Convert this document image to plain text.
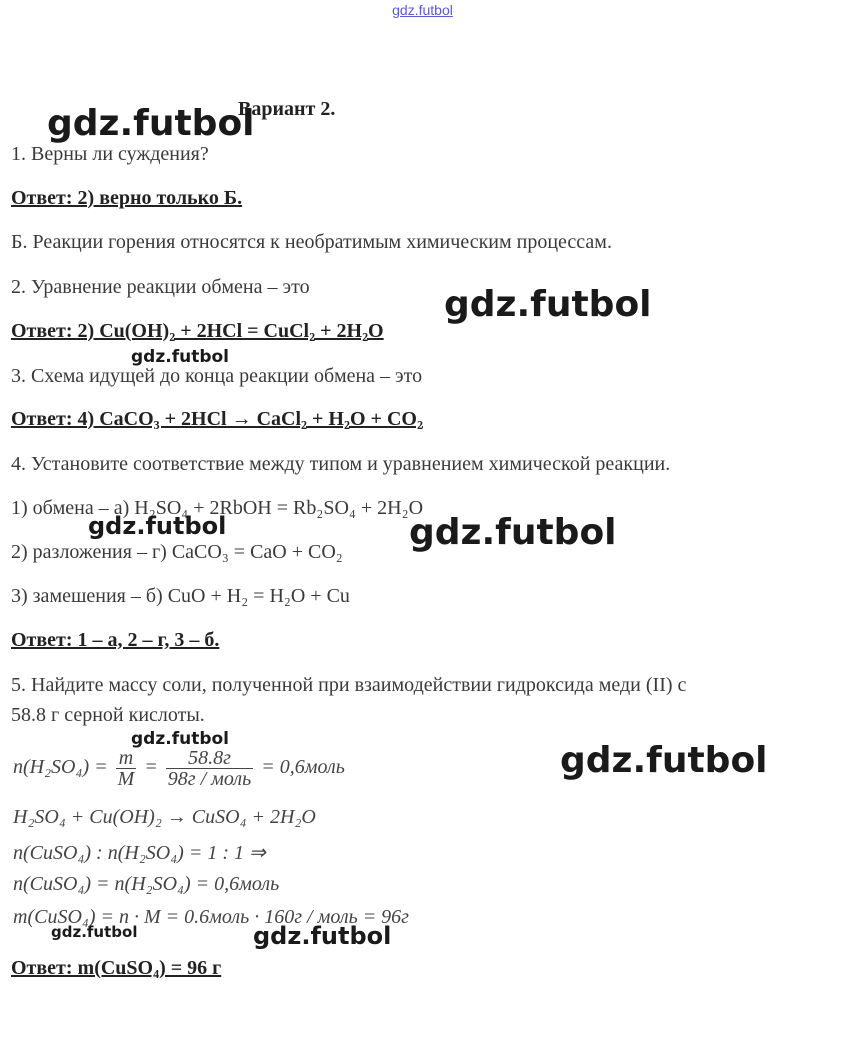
gdz.futbol
Вариант 2.
1. Верны ли суждения?
Ответ: 2) верно только Б.
Б. Реакции горения относятся к необратимым химическим процессам.
2. Уравнение реакции обмена – это
Ответ: 2) Cu(OH)₂ + 2HCl = CuCl₂ + 2H₂O
3. Схема идущей до конца реакции обмена – это
Ответ: 4) CaCO₃ + 2HCl → CaCl₂ + H₂O + CO₂
4. Установите соответствие между типом и уравнением химической реакции.
1) обмена – а) H₂SO₄ + 2RbOH = Rb₂SO₄ + 2H₂O
2) разложения – г) CaCO₃ = CaO + CO₂
3) замешения – б) CuO + H₂ = H₂O + Cu
Ответ: 1 – а, 2 – г, 3 – б.
5. Найдите массу соли, полученной при взаимодействии гидроксида меди (II) с
58.8 г серной кислоты.
$n(H_2SO_4) = \frac{m}{M} = \frac{58.8г}{\text{98г / моль}}$ = 0,6моль
H₂SO₄ + Cu(OH)₂ → CuSO₄ + 2H₂O
n(CuSO₄) : n(H₂SO₄) = 1 : 1 ⇒
n(CuSO₄) = n(H₂SO₄) = 0,6моль
m(CuSO₄) = n · M = 0.6моль · 160г / моль = 96г
Ответ: m(CuSO₄) = 96 г
gdz.futbol
gdz.futbol
gdz.futbol
gdz.futbol	gdz.futbol
gdz.futbol
gdz.futbol
gdz.futbol	gdz.futbol
